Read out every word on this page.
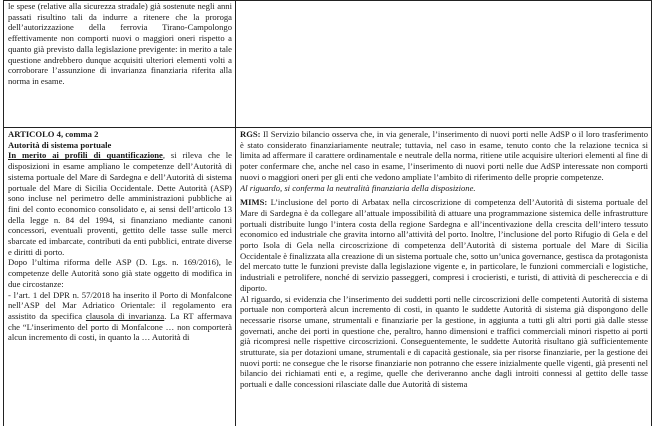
le spese (relative alla sicurezza stradale) già sostenute negli anni passati risultino tali da indurre a ritenere che la proroga dell’autorizzazione della ferrovia Tirano-Campolongo effettivamente non comporti nuovi o maggiori oneri rispetto a quanto già previsto dalla legislazione previgente: in merito a tale questione andrebbero dunque acquisiti ulteriori elementi volti a corroborare l’assunzione di invarianza finanziaria riferita alla norma in esame.

ARTICOLO 4, comma 2

Autorità di sistema portuale

In merito ai profili di quantificazione, si rileva che le disposizioni in esame ampliano le competenze dell’Autorità di sistema portuale del Mare di Sardegna e dell’Autorità di sistema portuale del Mare di Sicilia Occidentale. Dette Autorità (ASP) sono incluse nel perimetro delle amministrazioni pubbliche ai fini del conto economico consolidato e, ai sensi dell’articolo 13 della legge n. 84 del 1994, si finanziano mediante canoni concessori, eventuali proventi, gettito delle tasse sulle merci sbarcate ed imbarcate, contributi da enti pubblici, entrate diverse e diritti di porto.

Dopo l’ultima riforma delle ASP (D. Lgs. n. 169/2016), le competenze delle Autorità sono già state oggetto di modifica in due circostanze:

- l’art. 1 del DPR n. 57/2018 ha inserito il Porto di Monfalcone nell’ASP del Mar Adriatico Orientale: il regolamento era assistito da specifica clausola di invarianza. La RT affermava che “L’inserimento del porto di Monfalcone … non comporterà alcun incremento di costi, in quanto la … Autorità di

RGS: Il Servizio bilancio osserva che, in via generale, l’inserimento di nuovi porti nelle AdSP o il loro trasferimento è stato considerato finanziariamente neutrale; tuttavia, nel caso in esame, tenuto conto che la relazione tecnica si limita ad affermare il carattere ordinamentale e neutrale della norma, ritiene utile acquisire ulteriori elementi al fine di poter confermare che, anche nel caso in esame, l’inserimento di nuovi porti nelle due AdSP interessate non comporti nuovi o maggiori oneri per gli enti che vedono ampliate l’ambito di riferimento delle proprie competenze.

Al riguardo, si conferma la neutralità finanziaria della disposizione.

MIMS: L’inclusione del porto di Arbatax nella circoscrizione di competenza dell’Autorità di sistema portuale del Mare di Sardegna è da collegare all’attuale impossibilità di attuare una programmazione sistemica delle infrastrutture portuali distribuite lungo l’intera costa della regione Sardegna e all’incentivazione della crescita dell’intero tessuto economico ed industriale che gravita intorno all’attività del porto. Inoltre, l’inclusione del porto Rifugio di Gela e del porto Isola di Gela nella circoscrizione di competenza dell’Autorità di sistema portuale del Mare di Sicilia Occidentale è finalizzata alla creazione di un sistema portuale che, sotto un’unica governance, gestisca da protagonista del mercato tutte le funzioni previste dalla legislazione vigente e, in particolare, le funzioni commerciali e logistiche, industriali e petrolifere, nonché di servizio passeggeri, compresi i crocieristi, e turisti, di attività di peschereccia e di diporto.

Al riguardo, si evidenzia che l’inserimento dei suddetti porti nelle circoscrizioni delle competenti Autorità di sistema portuale non comporterà alcun incremento di costi, in quanto le suddette Autorità di sistema già dispongono delle necessarie risorse umane, strumentali e finanziarie per la gestione, in aggiunta a tutti gli altri porti già dalle stesse governati, anche dei porti in questione che, peraltro, hanno dimensioni e traffici commerciali minori rispetto ai porti già ricompresi nelle rispettive circoscrizioni. Conseguentemente, le suddette Autorità risultano già sufficientemente strutturate, sia per dotazioni umane, strumentali e di capacità gestionale, sia per risorse finanziarie, per la gestione dei nuovi porti: ne consegue che le risorse finanziarie non potranno che essere inizialmente quelle vigenti, già presenti nel bilancio dei richiamati enti e, a regime, quelle che deriveranno anche dagli introiti connessi al gettito delle tasse portuali e dalle concessioni rilasciate dalle due Autorità di sistema
